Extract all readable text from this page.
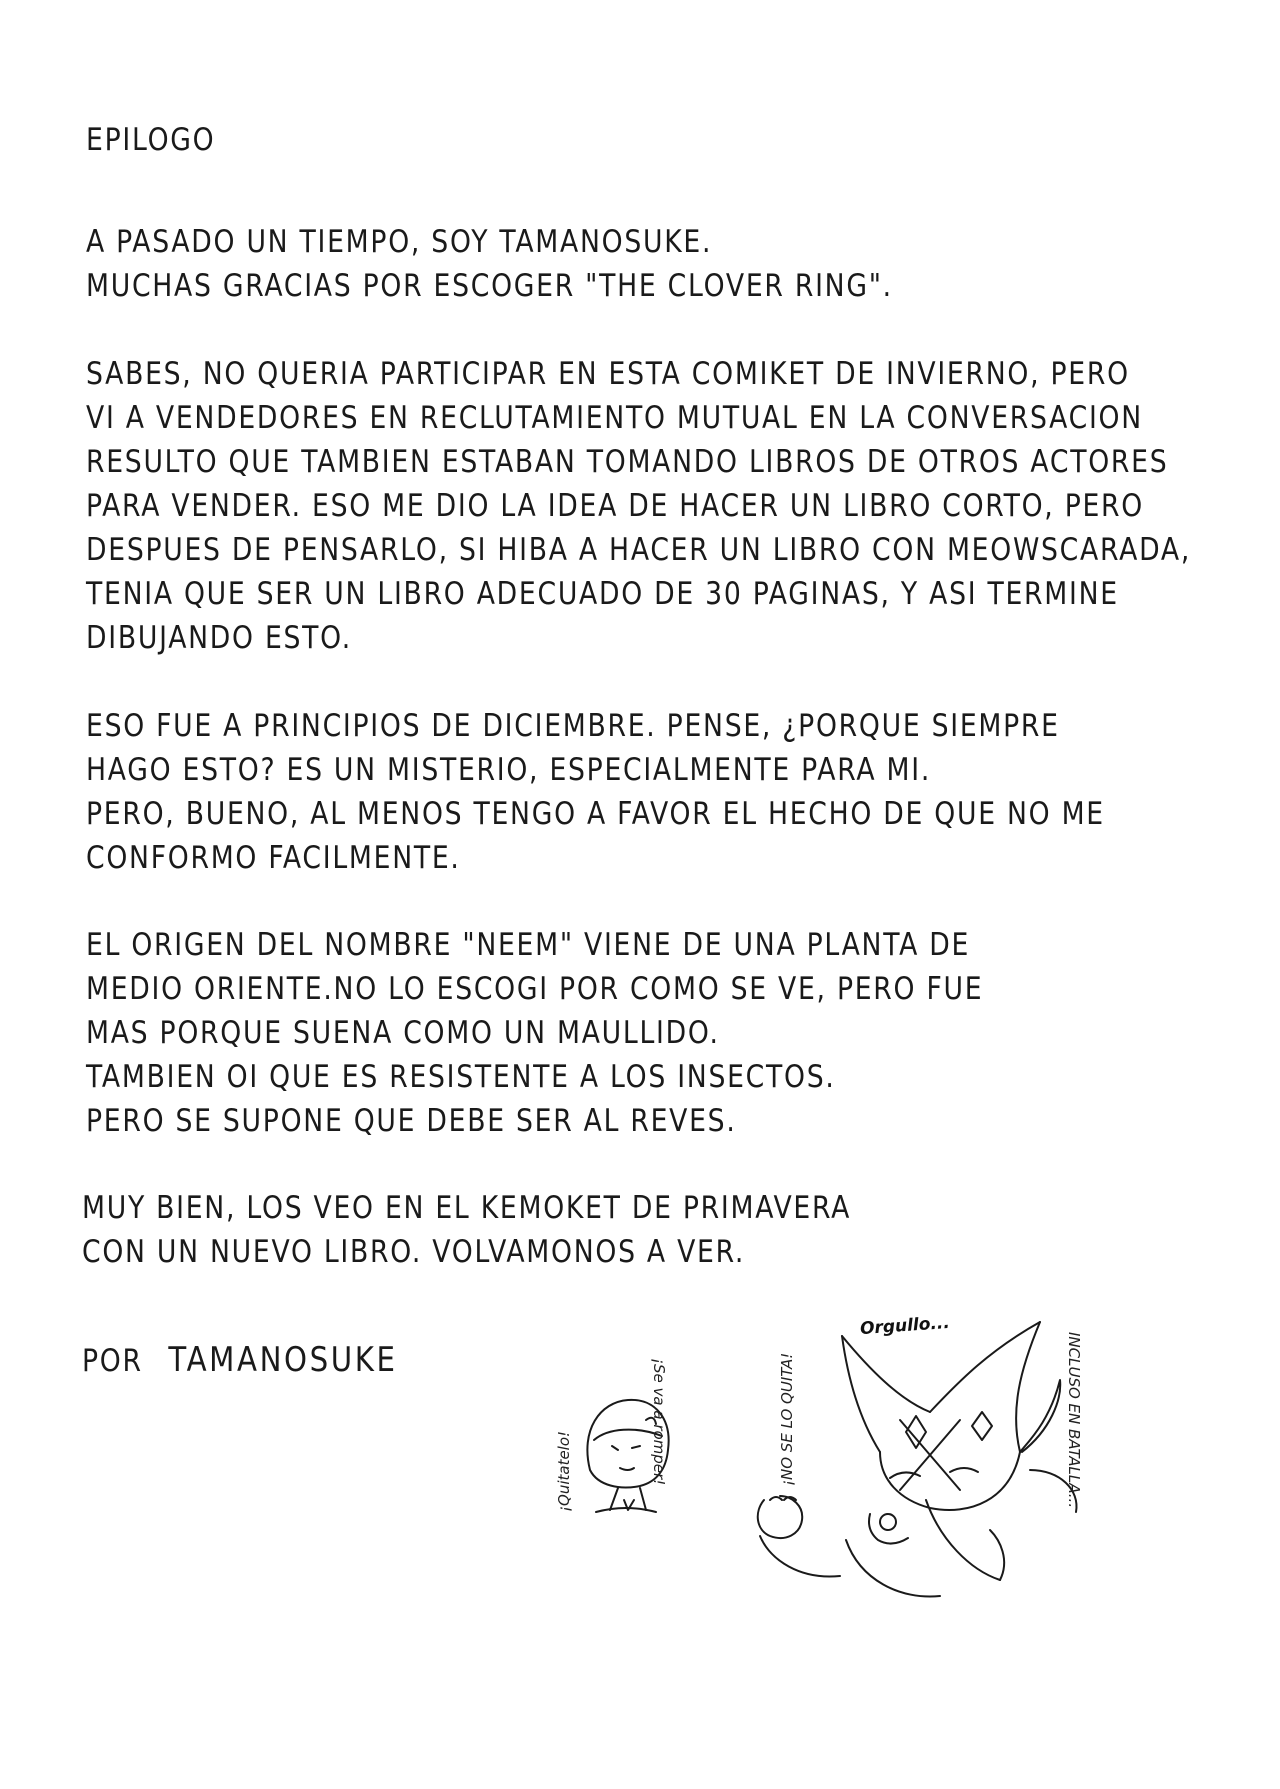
EPILOGO
A PASADO UN TIEMPO, SOY TAMANOSUKE.
MUCHAS GRACIAS POR ESCOGER "THE CLOVER RING".
SABES, NO QUERIA PARTICIPAR EN ESTA COMIKET DE INVIERNO, PERO
VI A VENDEDORES EN RECLUTAMIENTO MUTUAL EN LA CONVERSACION
RESULTO QUE TAMBIEN ESTABAN TOMANDO LIBROS DE OTROS ACTORES
PARA VENDER. ESO ME DIO LA IDEA DE HACER UN LIBRO CORTO, PERO
DESPUES DE PENSARLO, SI HIBA A HACER UN LIBRO CON MEOWSCARADA,
TENIA QUE SER UN LIBRO ADECUADO DE 30 PAGINAS, Y ASI TERMINE
DIBUJANDO ESTO.
ESO FUE A PRINCIPIOS DE DICIEMBRE. PENSE, ¿PORQUE SIEMPRE
HAGO ESTO? ES UN MISTERIO, ESPECIALMENTE PARA MI.
PERO, BUENO, AL MENOS TENGO A FAVOR EL HECHO DE QUE NO ME
CONFORMO FACILMENTE.
EL ORIGEN DEL NOMBRE "NEEM" VIENE DE UNA PLANTA DE
MEDIO ORIENTE.NO LO ESCOGI POR COMO SE VE, PERO FUE
MAS PORQUE SUENA COMO UN MAULLIDO.
TAMBIEN OI QUE ES RESISTENTE A LOS INSECTOS.
PERO SE SUPONE QUE DEBE SER AL REVES.
MUY BIEN, LOS VEO EN EL KEMOKET DE PRIMAVERA
CON UN NUEVO LIBRO. VOLVAMONOS A VER.
POR TAMANOSUKE
¡Quitatelo!	¡Se va a romper!	¡NO SE LO QUITA!
Orgullo...
INCLUSO EN BATALLA...
